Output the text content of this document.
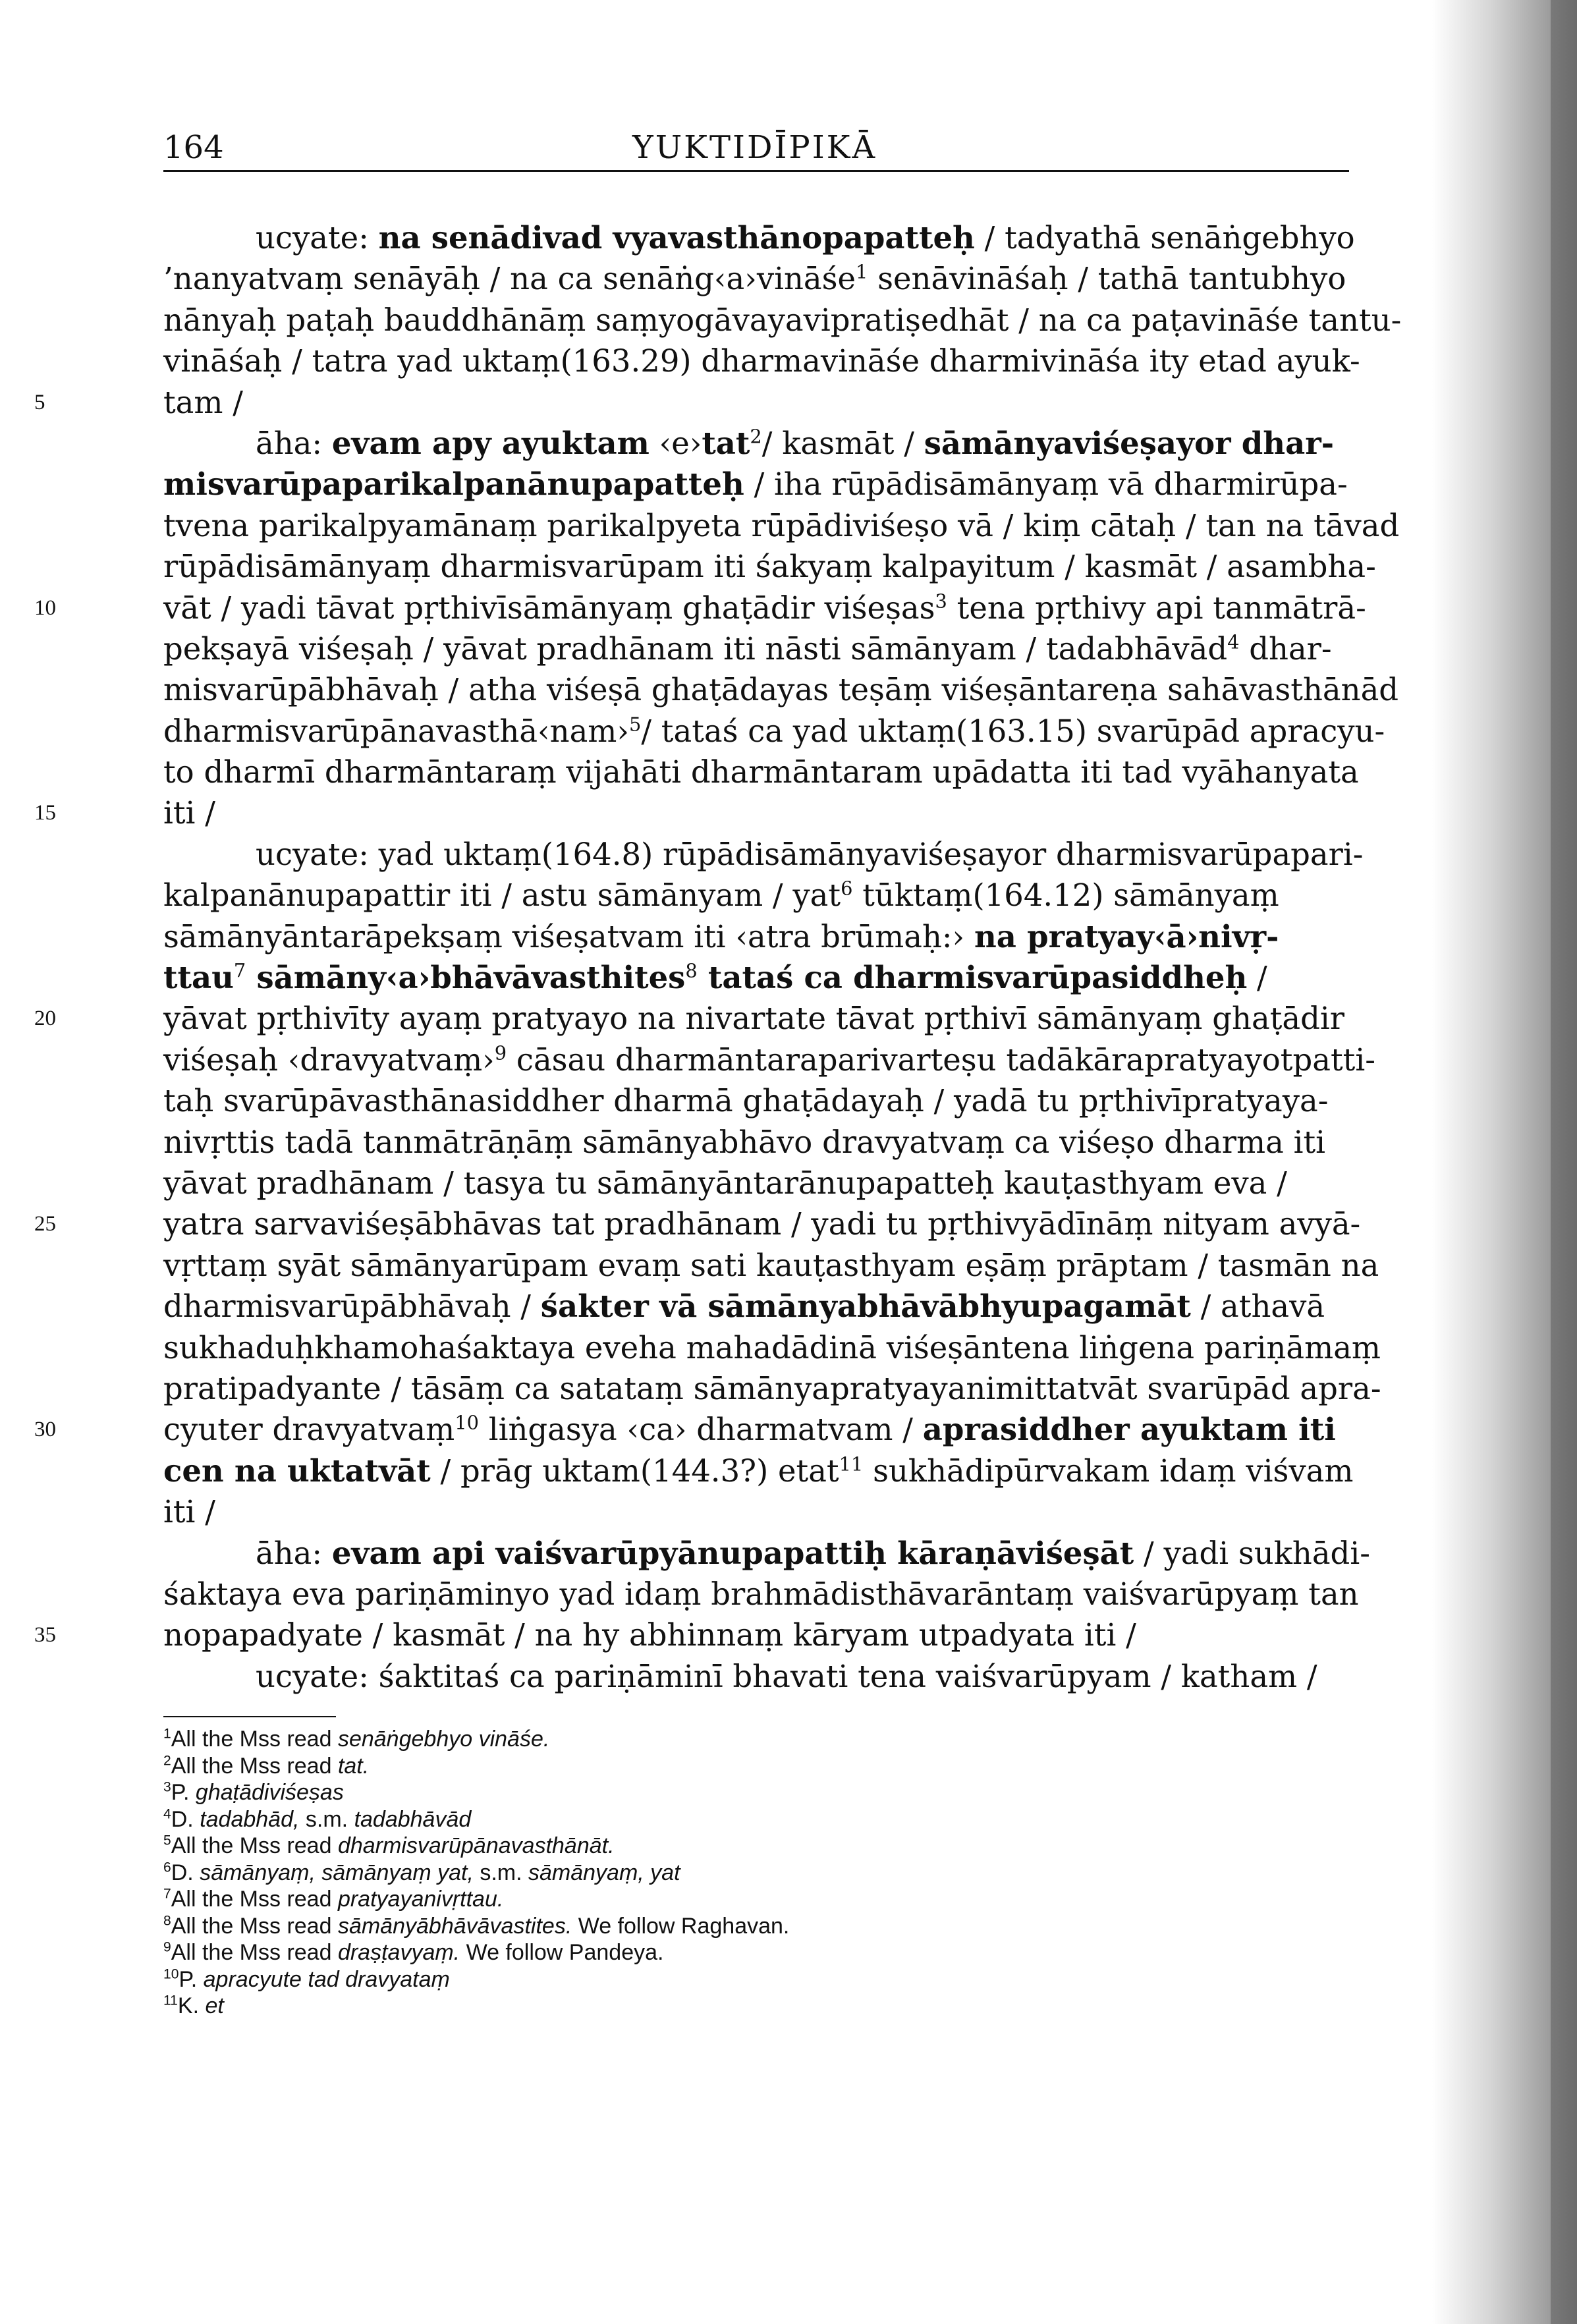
164	YUKTIDĪPIKĀ
ucyate: na senādivad vyavasthānopapatteḥ / tadyathā senāṅgebhyo
’nanyatvaṃ senāyāḥ / na ca senāṅg‹a›vināśe$^1$ senāvināśaḥ / tathā tantubhyo
nānyaḥ paṭaḥ bauddhānāṃ saṃyogāvayavipratiṣedhāt / na ca paṭavināśe tantu-
vināśaḥ / tatra yad uktaṃ(163.29) dharmavināśe dharmivināśa ity etad ayuk-
5	tam /
āha: evam apy ayuktam ‹e›tat$^2$/ kasmāt / sāmānyaviśeṣayor dhar-
misvarūpaparikalpanānupapatteḥ / iha rūpādisāmānyaṃ vā dharmirūpa-
tvena parikalpyamānaṃ parikalpyeta rūpādiviśeṣo vā / kiṃ cātaḥ / tan na tāvad
rūpādisāmānyaṃ dharmisvarūpam iti śakyaṃ kalpayitum / kasmāt / asambha-
10	vāt / yadi tāvat pṛthivīsāmānyaṃ ghaṭādir viśeṣas$^3$ tena pṛthivy api tanmātrā-
pekṣayā viśeṣaḥ / yāvat pradhānam iti nāsti sāmānyam / tadabhāvād$^4$ dhar-
misvarūpābhāvaḥ / atha viśeṣā ghaṭādayas teṣāṃ viśeṣāntareṇa sahāvasthānād
dharmisvarūpānavasthā‹nam›$^5$/ tataś ca yad uktaṃ(163.15) svarūpād apracyu-
to dharmī dharmāntaraṃ vijahāti dharmāntaram upādatta iti tad vyāhanyata
15	iti /
ucyate: yad uktaṃ(164.8) rūpādisāmānyaviśeṣayor dharmisvarūpapari-
kalpanānupapattir iti / astu sāmānyam / yat$^6$ tūktaṃ(164.12) sāmānyaṃ
sāmānyāntarāpekṣaṃ viśeṣatvam iti ‹atra brūmaḥ:› na pratyay‹ā›nivṛ-
ttau$^7$ sāmāny‹a›bhāvāvasthites$^8$ tataś ca dharmisvarūpasiddheḥ /
20	yāvat pṛthivīty ayaṃ pratyayo na nivartate tāvat pṛthivī sāmānyaṃ ghaṭādir
viśeṣaḥ ‹dravyatvaṃ›$^9$ cāsau dharmāntaraparivarteṣu tadākārapratyayotpatti-
taḥ svarūpāvasthānasiddher dharmā ghaṭādayaḥ / yadā tu pṛthivīpratyaya-
nivṛttis tadā tanmātrāṇāṃ sāmānyabhāvo dravyatvaṃ ca viśeṣo dharma iti
yāvat pradhānam / tasya tu sāmānyāntarānupapatteḥ kauṭasthyam eva /
25	yatra sarvaviśeṣābhāvas tat pradhānam / yadi tu pṛthivyādīnāṃ nityam avyā-
vṛttaṃ syāt sāmānyarūpam evaṃ sati kauṭasthyam eṣāṃ prāptam / tasmān na
dharmisvarūpābhāvaḥ / śakter vā sāmānyabhāvābhyupagamāt / athavā
sukhaduḥkhamohaśaktaya eveha mahadādinā viśeṣāntena liṅgena pariṇāmaṃ
pratipadyante / tāsāṃ ca satataṃ sāmānyapratyayanimittatvāt svarūpād apra-
30	cyuter dravyatvaṃ$^{10}$ liṅgasya ‹ca› dharmatvam / aprasiddher ayuktam iti
cen na uktatvāt / prāg uktam(144.3?) etat$^{11}$ sukhādipūrvakam idaṃ viśvam
iti /
āha: evam api vaiśvarūpyānupapattiḥ kāraṇāviśeṣāt / yadi sukhādi-
śaktaya eva pariṇāminyo yad idaṃ brahmādisthāvarāntaṃ vaiśvarūpyaṃ tan
35	nopapadyate / kasmāt / na hy abhinnaṃ kāryam utpadyata iti /
ucyate: śaktitaś ca pariṇāminī bhavati tena vaiśvarūpyam / katham /
$^1$All the Mss read senāṅgebhyo vināśe.
$^2$All the Mss read tat.
$^3$P. ghaṭādiviśeṣas
$^4$D. tadabhād, s.m. tadabhāvād
$^5$All the Mss read dharmisvarūpānavasthānāt.
$^6$D. sāmānyaṃ, sāmānyaṃ yat, s.m. sāmānyaṃ, yat
$^7$All the Mss read pratyayanivṛttau.
$^8$All the Mss read sāmānyābhāvāvastites. We follow Raghavan.
$^9$All the Mss read draṣṭavyaṃ. We follow Pandeya.
$^{10}$P. apracyute tad dravyataṃ
$^{11}$K. et
